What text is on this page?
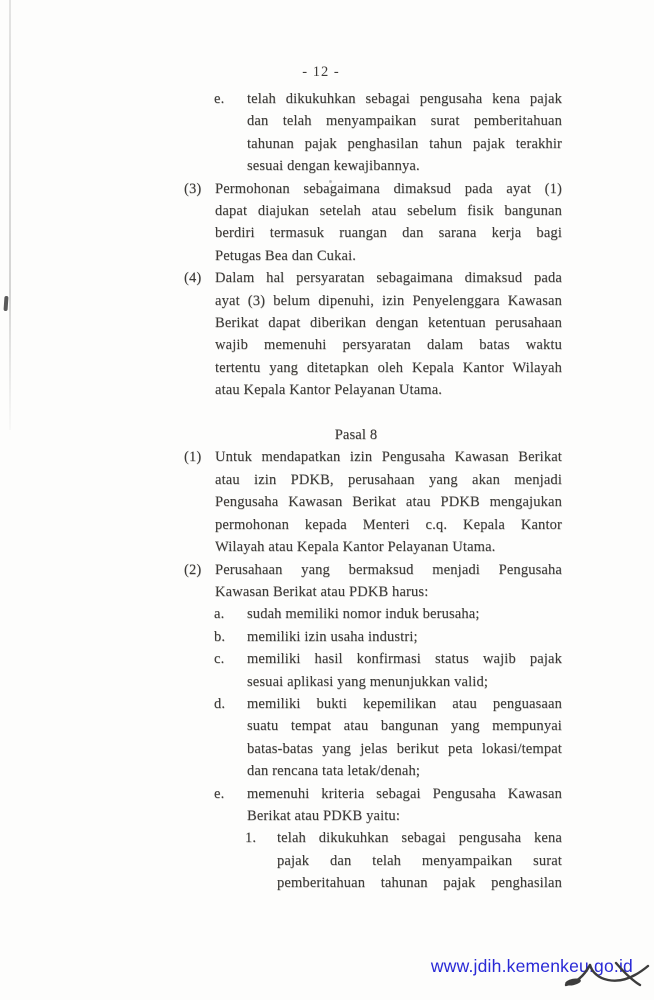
- 12 -
e.	telah dikukuhkan sebagai pengusaha kena pajak
dan telah menyampaikan surat pemberitahuan
tahunan pajak penghasilan tahun pajak terakhir
sesuai dengan kewajibannya.
(3) Permohonan sebagaimana dimaksud pada ayat (1)
dapat diajukan setelah atau sebelum fisik bangunan
berdiri termasuk ruangan dan sarana kerja bagi
Petugas Bea dan Cukai.
(4) Dalam hal persyaratan sebagaimana dimaksud pada
ayat (3) belum dipenuhi, izin Penyelenggara Kawasan
Berikat dapat diberikan dengan ketentuan perusahaan
wajib memenuhi persyaratan dalam batas waktu
tertentu yang ditetapkan oleh Kepala Kantor Wilayah
atau Kepala Kantor Pelayanan Utama.
Pasal 8
(1) Untuk mendapatkan izin Pengusaha Kawasan Berikat
atau izin PDKB, perusahaan yang akan menjadi
Pengusaha Kawasan Berikat atau PDKB mengajukan
permohonan kepada Menteri c.q. Kepala Kantor
Wilayah atau Kepala Kantor Pelayanan Utama.
(2) Perusahaan yang bermaksud menjadi Pengusaha
Kawasan Berikat atau PDKB harus:
a.	sudah memiliki nomor induk berusaha;
b.	memiliki izin usaha industri;
c.	memiliki hasil konfirmasi status wajib pajak
sesuai aplikasi yang menunjukkan valid;
d.	memiliki bukti kepemilikan atau penguasaan
suatu tempat atau bangunan yang mempunyai
batas-batas yang jelas berikut peta lokasi/tempat
dan rencana tata letak/denah;
e.	memenuhi kriteria sebagai Pengusaha Kawasan
Berikat atau PDKB yaitu:
1.	telah dikukuhkan sebagai pengusaha kena
pajak dan telah menyampaikan surat
pemberitahuan tahunan pajak penghasilan
www.jdih.kemenkeu.go.id
